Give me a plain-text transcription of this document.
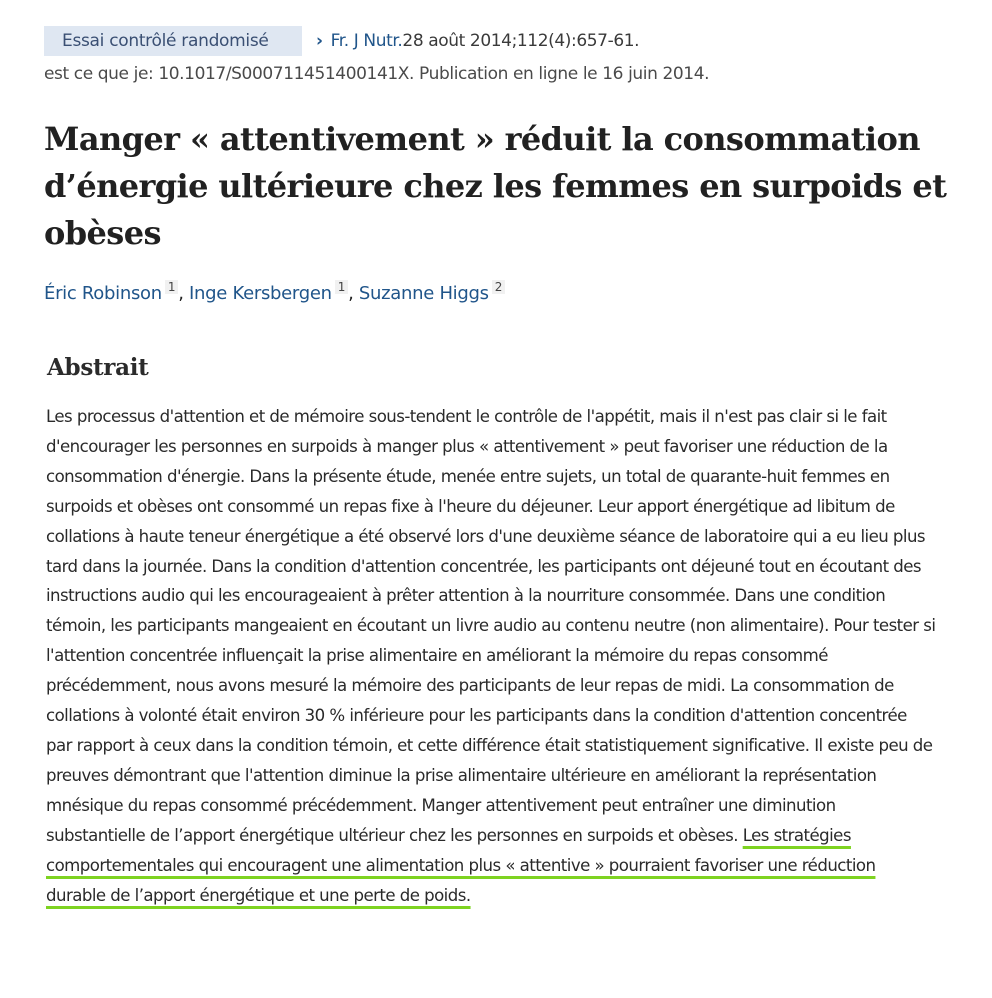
Essai contrôlé randomisé	› Fr. J Nutr. 28 août 2014;112(4):657-61.
est ce que je: 10.1017/S000711451400141X. Publication en ligne le 16 juin 2014.
Manger « attentivement » réduit la consommation d’énergie ultérieure chez les femmes en surpoids et obèses
Éric Robinson $^1$ , Inge Kersbergen $^1$ , Suzanne Higgs $^2$
Abstrait

Les processus d'attention et de mémoire sous-tendent le contrôle de l'appétit, mais il n'est pas clair si le fait d'encourager les personnes en surpoids à manger plus « attentivement » peut favoriser une réduction de la consommation d'énergie. Dans la présente étude, menée entre sujets, un total de quarante-huit femmes en surpoids et obèses ont consommé un repas fixe à l'heure du déjeuner. Leur apport énergétique ad libitum de collations à haute teneur énergétique a été observé lors d'une deuxième séance de laboratoire qui a eu lieu plus tard dans la journée. Dans la condition d'attention concentrée, les participants ont déjeuné tout en écoutant des instructions audio qui les encourageaient à prêter attention à la nourriture consommée. Dans une condition témoin, les participants mangeaient en écoutant un livre audio au contenu neutre (non alimentaire). Pour tester si l'attention concentrée influençait la prise alimentaire en améliorant la mémoire du repas consommé précédemment, nous avons mesuré la mémoire des participants de leur repas de midi. La consommation de collations à volonté était environ 30 % inférieure pour les participants dans la condition d'attention concentrée par rapport à ceux dans la condition témoin, et cette différence était statistiquement significative. Il existe peu de preuves démontrant que l'attention diminue la prise alimentaire ultérieure en améliorant la représentation mnésique du repas consommé précédemment. Manger attentivement peut entraîner une diminution substantielle de l’apport énergétique ultérieur chez les personnes en surpoids et obèses. Les stratégies comportementales qui encouragent une alimentation plus « attentive » pourraient favoriser une réduction durable de l’apport énergétique et une perte de poids.
